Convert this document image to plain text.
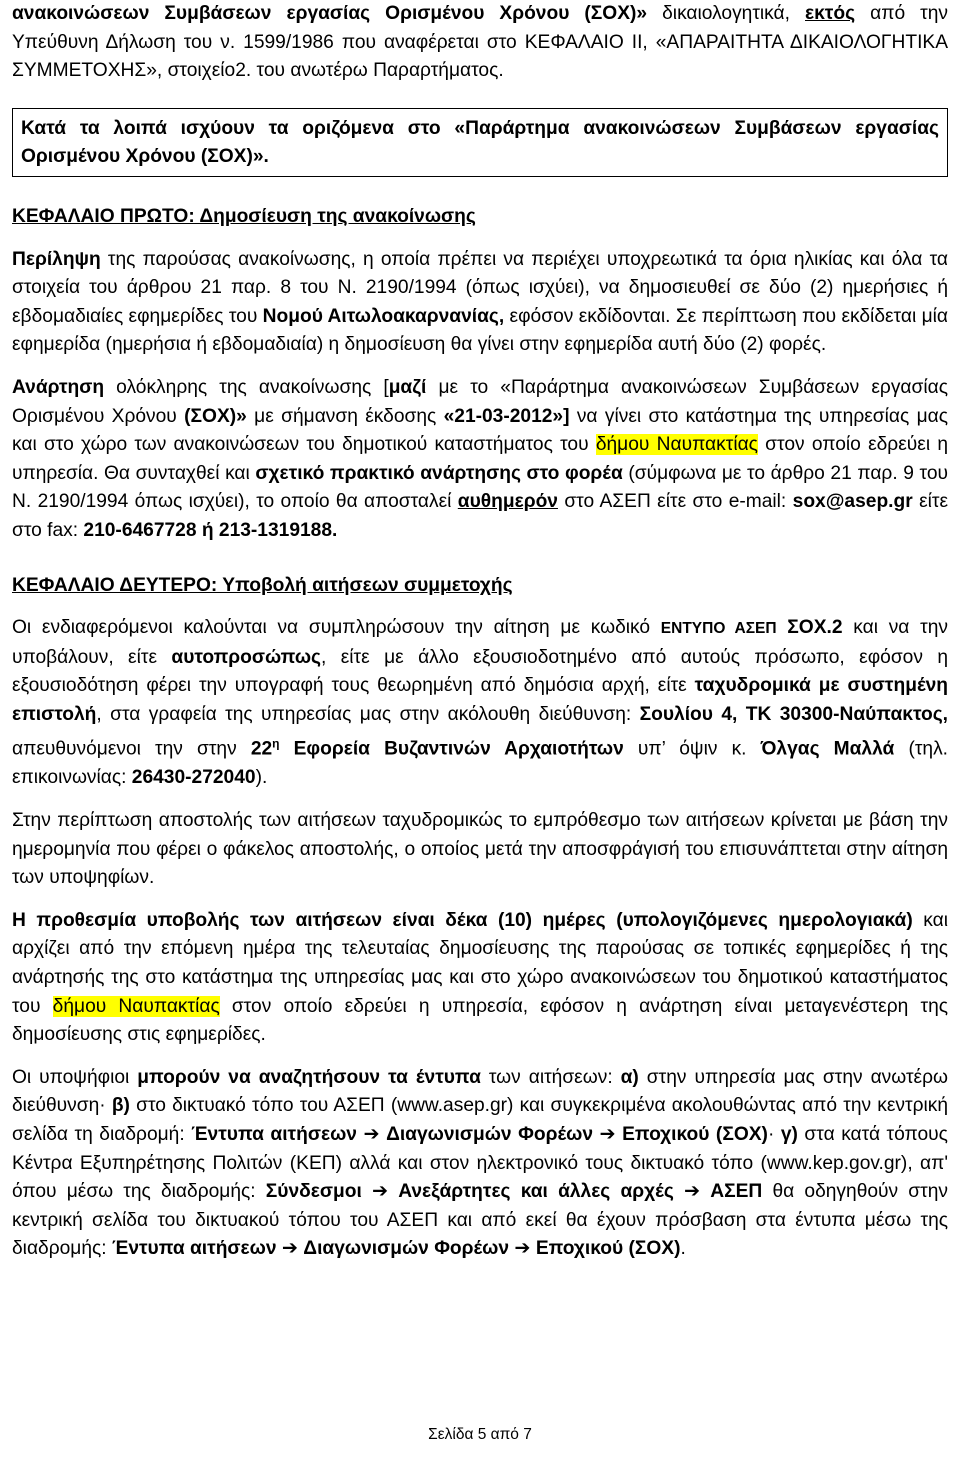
ανακοινώσεων Συμβάσεων εργασίας Ορισμένου Χρόνου (ΣΟΧ)» δικαιολογητικά, εκτός από την Υπεύθυνη Δήλωση του ν. 1599/1986 που αναφέρεται στο ΚΕΦΑΛΑΙΟ ΙΙ, «ΑΠΑΡΑΙΤΗΤΑ ΔΙΚΑΙΟΛΟΓΗΤΙΚΑ ΣΥΜΜΕΤΟΧΗΣ», στοιχείο2. του ανωτέρω Παραρτήματος.

Κατά τα λοιπά ισχύουν τα οριζόμενα στο «Παράρτημα ανακοινώσεων Συμβάσεων εργασίας Ορισμένου Χρόνου (ΣΟΧ)».

ΚΕΦΑΛΑΙΟ ΠΡΩΤΟ: Δημοσίευση της ανακοίνωσης

Περίληψη της παρούσας ανακοίνωσης, η οποία πρέπει να περιέχει υποχρεωτικά τα όρια ηλικίας και όλα τα στοιχεία του άρθρου 21 παρ. 8 του Ν. 2190/1994 (όπως ισχύει), να δημοσιευθεί σε δύο (2) ημερήσιες ή εβδομαδιαίες εφημερίδες του Νομού Αιτωλοακαρνανίας, εφόσον εκδίδονται. Σε περίπτωση που εκδίδεται μία εφημερίδα (ημερήσια ή εβδομαδιαία) η δημοσίευση θα γίνει στην εφημερίδα αυτή δύο (2) φορές.

Ανάρτηση ολόκληρης της ανακοίνωσης [μαζί με το «Παράρτημα ανακοινώσεων Συμβάσεων εργασίας Ορισμένου Χρόνου (ΣΟΧ)» με σήμανση έκδοσης «21-03-2012»] να γίνει στο κατάστημα της υπηρεσίας μας και στο χώρο των ανακοινώσεων του δημοτικού καταστήματος του δήμου Ναυπακτίας στον οποίο εδρεύει η υπηρεσία. Θα συνταχθεί και σχετικό πρακτικό ανάρτησης στο φορέα (σύμφωνα με το άρθρο 21 παρ. 9 του Ν. 2190/1994 όπως ισχύει), το οποίο θα αποσταλεί αυθημερόν στο ΑΣΕΠ είτε στο e-mail: sox@asep.gr είτε στο fax: 210-6467728 ή 213-1319188.

ΚΕΦΑΛΑΙΟ ΔΕΥΤΕΡΟ: Υποβολή αιτήσεων συμμετοχής

Οι ενδιαφερόμενοι καλούνται να συμπληρώσουν την αίτηση με κωδικό ΕΝΤΥΠΟ ΑΣΕΠ ΣΟΧ.2 και να την υποβάλουν, είτε αυτοπροσώπως, είτε με άλλο εξουσιοδοτημένο από αυτούς πρόσωπο, εφόσον η εξουσιοδότηση φέρει την υπογραφή τους θεωρημένη από δημόσια αρχή, είτε ταχυδρομικά με συστημένη επιστολή, στα γραφεία της υπηρεσίας μας στην ακόλουθη διεύθυνση: Σουλίου 4, ΤΚ 30300-Ναύπακτος, απευθυνόμενοι την στην $22^\eta$ Εφορεία Βυζαντινών Αρχαιοτήτων υπ’ όψιν κ. Όλγας Μαλλά (τηλ. επικοινωνίας: 26430-272040).

Στην περίπτωση αποστολής των αιτήσεων ταχυδρομικώς το εμπρόθεσμο των αιτήσεων κρίνεται με βάση την ημερομηνία που φέρει ο φάκελος αποστολής, ο οποίος μετά την αποσφράγισή του επισυνάπτεται στην αίτηση των υποψηφίων.

Η προθεσμία υποβολής των αιτήσεων είναι δέκα (10) ημέρες (υπολογιζόμενες ημερολογιακά) και αρχίζει από την επόμενη ημέρα της τελευταίας δημοσίευσης της παρούσας σε τοπικές εφημερίδες ή της ανάρτησής της στο κατάστημα της υπηρεσίας μας και στο χώρο ανακοινώσεων του δημοτικού καταστήματος του δήμου Ναυπακτίας στον οποίο εδρεύει η υπηρεσία, εφόσον η ανάρτηση είναι μεταγενέστερη της δημοσίευσης στις εφημερίδες.

Οι υποψήφιοι μπορούν να αναζητήσουν τα έντυπα των αιτήσεων: α) στην υπηρεσία μας στην ανωτέρω διεύθυνση· β) στο δικτυακό τόπο του ΑΣΕΠ (www.asep.gr) και συγκεκριμένα ακολουθώντας από την κεντρική σελίδα τη διαδρομή: Έντυπα αιτήσεων ➔ Διαγωνισμών Φορέων ➔ Εποχικού (ΣΟΧ)· γ) στα κατά τόπους Κέντρα Εξυπηρέτησης Πολιτών (ΚΕΠ) αλλά και στον ηλεκτρονικό τους δικτυακό τόπο (www.kep.gov.gr), απ' όπου μέσω της διαδρομής: Σύνδεσμοι ➔ Ανεξάρτητες και άλλες αρχές ➔ ΑΣΕΠ θα οδηγηθούν στην κεντρική σελίδα του δικτυακού τόπου του ΑΣΕΠ και από εκεί θα έχουν πρόσβαση στα έντυπα μέσω της διαδρομής: Έντυπα αιτήσεων ➔ Διαγωνισμών Φορέων ➔ Εποχικού (ΣΟΧ).

Σελίδα 5 από 7
